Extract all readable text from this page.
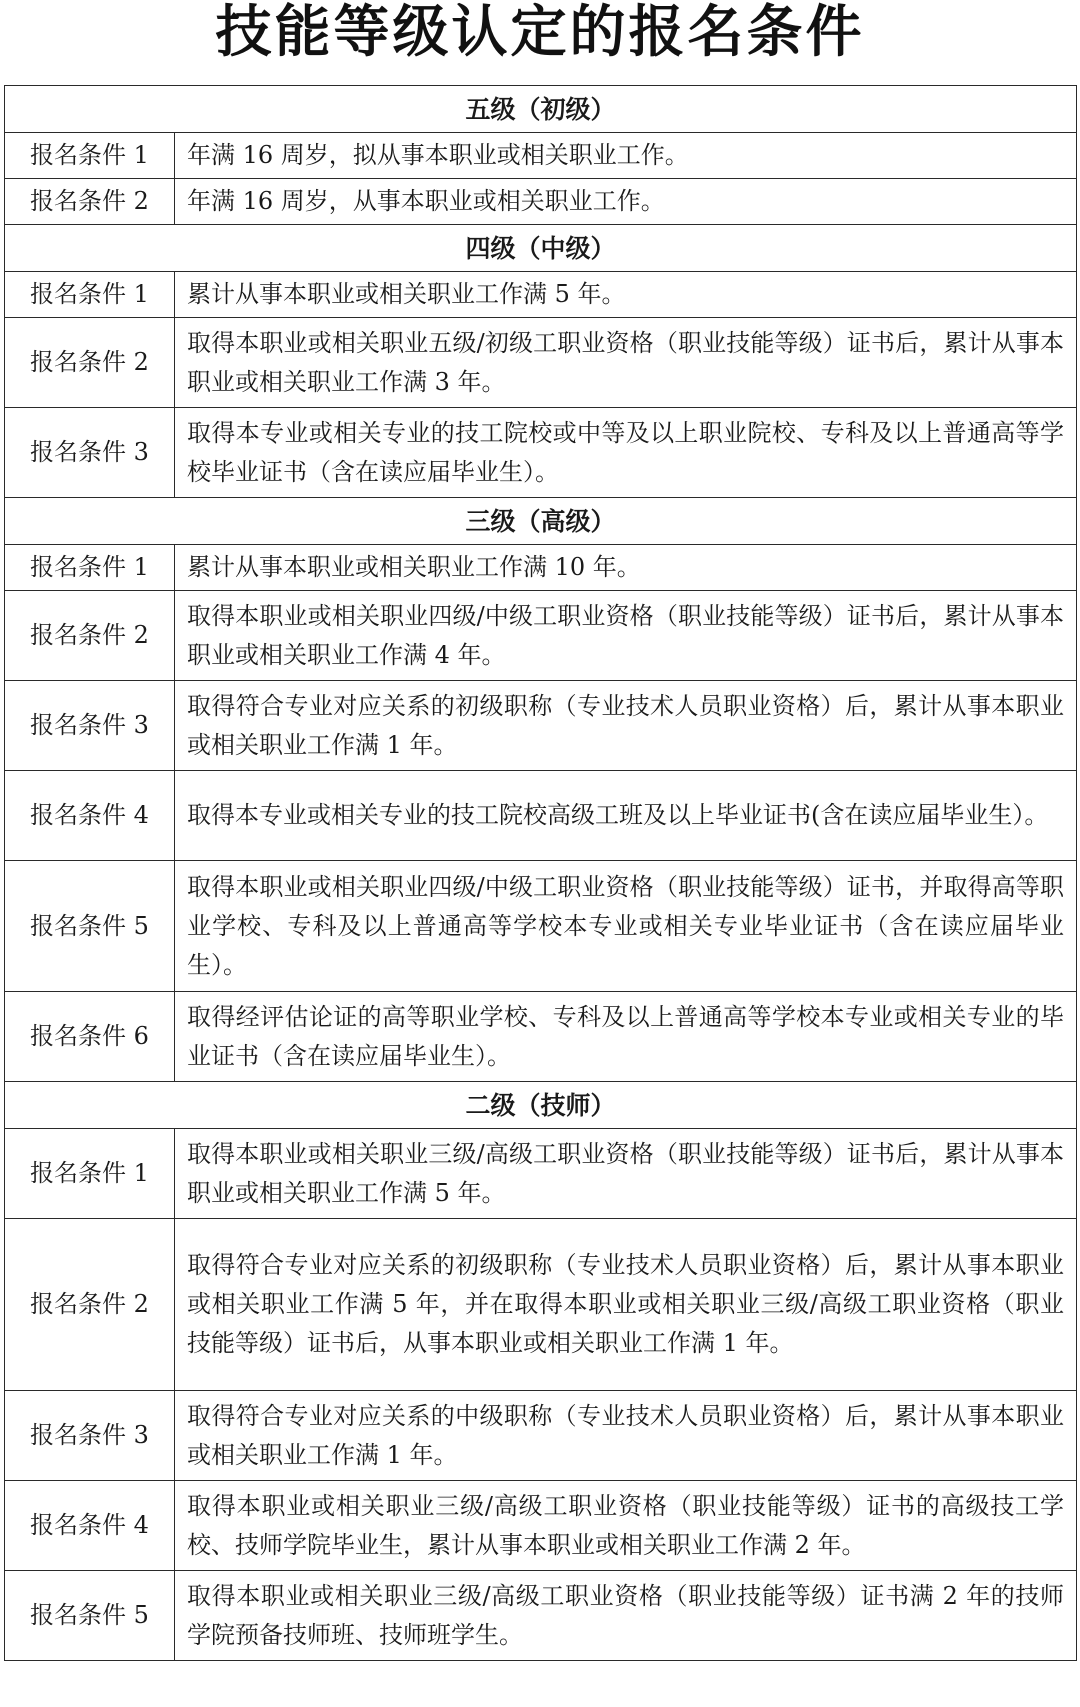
技能等级认定的报名条件
五级（初级）	
报名条件 1	年满 16 周岁，拟从事本职业或相关职业工作。
报名条件 2	年满 16 周岁，从事本职业或相关职业工作。
四级（中级）	
报名条件 1	累计从事本职业或相关职业工作满 5 年。
报名条件 2	取得本职业或相关职业五级/初级工职业资格（职业技能等级）证书后，累计从事本职业或相关职业工作满 3 年。
报名条件 3	取得本专业或相关专业的技工院校或中等及以上职业院校、专科及以上普通高等学校毕业证书（含在读应届毕业生）。
三级（高级）	
报名条件 1	累计从事本职业或相关职业工作满 10 年。
报名条件 2	取得本职业或相关职业四级/中级工职业资格（职业技能等级）证书后，累计从事本职业或相关职业工作满 4 年。
报名条件 3	取得符合专业对应关系的初级职称（专业技术人员职业资格）后，累计从事本职业或相关职业工作满 1 年。
报名条件 4	取得本专业或相关专业的技工院校高级工班及以上毕业证书(含在读应届毕业生）。
报名条件 5	取得本职业或相关职业四级/中级工职业资格（职业技能等级）证书，并取得高等职业学校、专科及以上普通高等学校本专业或相关专业毕业证书（含在读应届毕业生）。
报名条件 6	取得经评估论证的高等职业学校、专科及以上普通高等学校本专业或相关专业的毕业证书（含在读应届毕业生）。
二级（技师）	
报名条件 1	取得本职业或相关职业三级/高级工职业资格（职业技能等级）证书后，累计从事本职业或相关职业工作满 5 年。
报名条件 2	取得符合专业对应关系的初级职称（专业技术人员职业资格）后，累计从事本职业或相关职业工作满 5 年，并在取得本职业或相关职业三级/高级工职业资格（职业技能等级）证书后，从事本职业或相关职业工作满 1 年。
报名条件 3	取得符合专业对应关系的中级职称（专业技术人员职业资格）后，累计从事本职业或相关职业工作满 1 年。
报名条件 4	取得本职业或相关职业三级/高级工职业资格（职业技能等级）证书的高级技工学校、技师学院毕业生，累计从事本职业或相关职业工作满 2 年。
报名条件 5	取得本职业或相关职业三级/高级工职业资格（职业技能等级）证书满 2 年的技师学院预备技师班、技师班学生。
